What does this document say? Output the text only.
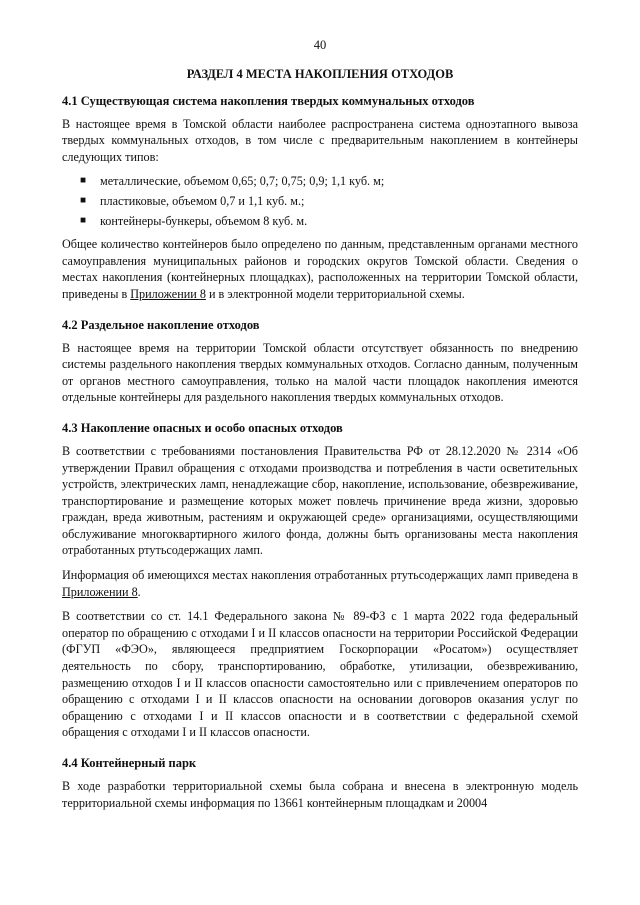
40
РАЗДЕЛ 4 МЕСТА НАКОПЛЕНИЯ ОТХОДОВ
4.1 Существующая система накопления твердых коммунальных отходов

В настоящее время в Томской области наиболее распространена система одноэтапного вывоза твердых коммунальных отходов, в том числе с предварительным накоплением в контейнеры следующих типов:

■ металлические, объемом 0,65; 0,7; 0,75; 0,9; 1,1 куб. м;
■ пластиковые, объемом 0,7 и 1,1 куб. м.;
■ контейнеры-бункеры, объемом 8 куб. м.

Общее количество контейнеров было определено по данным, представленным органами местного самоуправления муниципальных районов и городских округов Томской области. Сведения о местах накопления (контейнерных площадках), расположенных на территории Томской области, приведены в Приложении 8 и в электронной модели территориальной схемы.

4.2 Раздельное накопление отходов

В настоящее время на территории Томской области отсутствует обязанность по внедрению системы раздельного накопления твердых коммунальных отходов. Согласно данным, полученным от органов местного самоуправления, только на малой части площадок накопления имеются отдельные контейнеры для раздельного накопления твердых коммунальных отходов.

4.3 Накопление опасных и особо опасных отходов

В соответствии с требованиями постановления Правительства РФ от 28.12.2020 № 2314 «Об утверждении Правил обращения с отходами производства и потребления в части осветительных устройств, электрических ламп, ненадлежащие сбор, накопление, использование, обезвреживание, транспортирование и размещение которых может повлечь причинение вреда жизни, здоровью граждан, вреда животным, растениям и окружающей среде» организациями, осуществляющими обслуживание многоквартирного жилого фонда, должны быть организованы места накопления отработанных ртутьсодержащих ламп.

Информация об имеющихся местах накопления отработанных ртутьсодержащих ламп приведена в Приложении 8.

В соответствии со ст. 14.1 Федерального закона № 89-ФЗ с 1 марта 2022 года федеральный оператор по обращению с отходами I и II классов опасности на территории Российской Федерации (ФГУП «ФЭО», являющееся предприятием Госкорпорации «Росатом») осуществляет деятельность по сбору, транспортированию, обработке, утилизации, обезвреживанию, размещению отходов I и II классов опасности самостоятельно или с привлечением операторов по обращению с отходами I и II классов опасности на основании договоров оказания услуг по обращению с отходами I и II классов опасности и в соответствии с федеральной схемой обращения с отходами I и II классов опасности.

4.4 Контейнерный парк

В ходе разработки территориальной схемы была собрана и внесена в электронную модель территориальной схемы информация по 13661 контейнерным площадкам и 20004
